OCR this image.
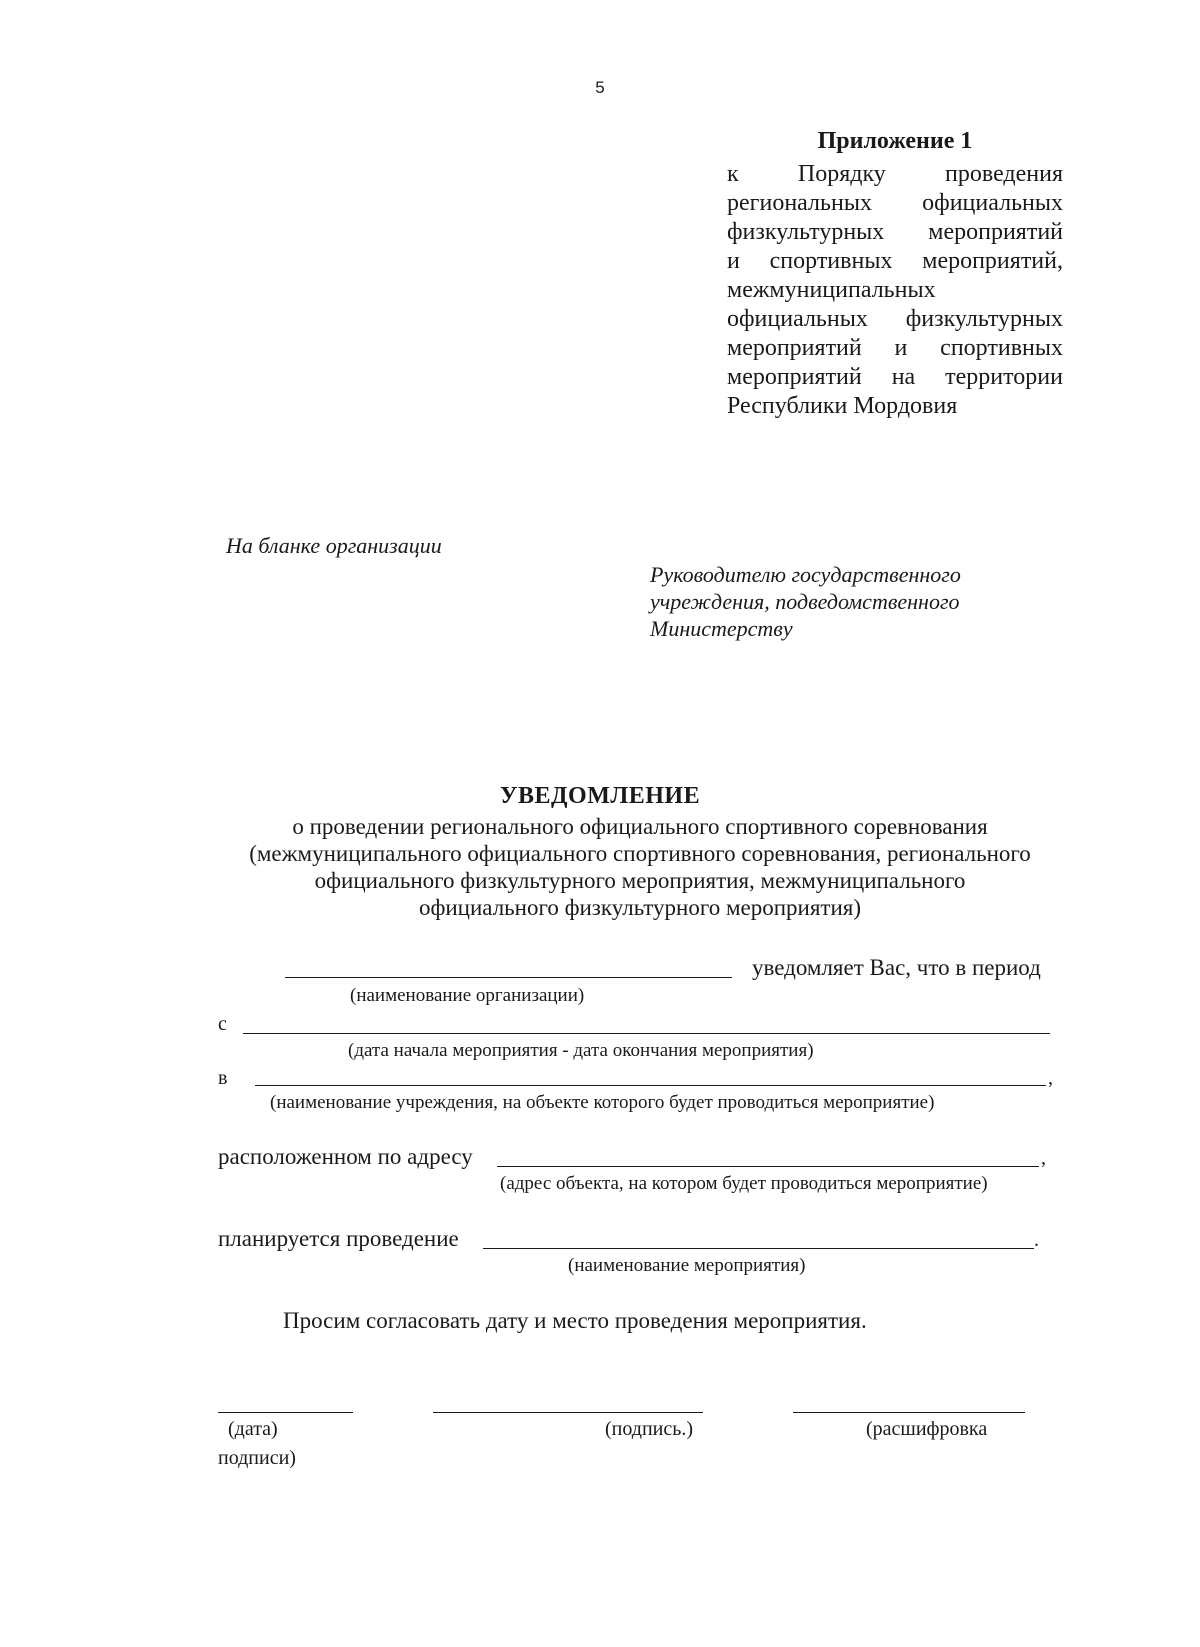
5
Приложение 1
к Порядку проведения
региональных официальных
физкультурных мероприятий
и спортивных мероприятий,
межмуниципальных
официальных физкультурных
мероприятий и спортивных
мероприятий на территории
Республики Мордовия
На бланке организации
Руководителю государственного
учреждения, подведомственного
Министерству
УВЕДОМЛЕНИЕ
о проведении регионального официального спортивного соревнования
(межмуниципального официального спортивного соревнования, регионального
официального физкультурного мероприятия, межмуниципального
официального физкультурного мероприятия)
уведомляет Вас, что в период
(наименование организации)
с
(дата начала мероприятия - дата окончания мероприятия)
в	,
(наименование учреждения, на объекте которого будет проводиться мероприятие)
расположенном по адресу	,
(адрес объекта, на котором будет проводиться мероприятие)
планируется проведение	.
(наименование мероприятия)
Просим согласовать дату и место проведения мероприятия.
(дата)	(подпись.)	(расшифровка
подписи)
